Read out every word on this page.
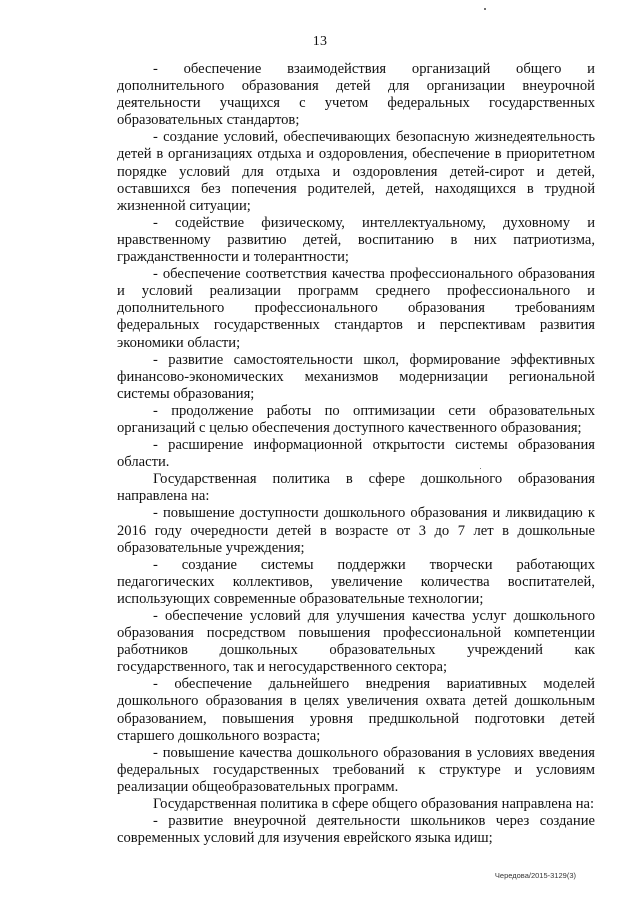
13

- обеспечение взаимодействия организаций общего и дополнительного образования детей для организации внеурочной деятельности учащихся с учетом федеральных государственных образовательных стандартов;

- создание условий, обеспечивающих безопасную жизнедеятельность детей в организациях отдыха и оздоровления, обеспечение в приоритетном порядке условий для отдыха и оздоровления детей-сирот и детей, оставшихся без попечения родителей, детей, находящихся в трудной жизненной ситуации;

- содействие физическому, интеллектуальному, духовному и нравственному развитию детей, воспитанию в них патриотизма, гражданственности и толерантности;

- обеспечение соответствия качества профессионального образования и условий реализации программ среднего профессионального и дополнительного профессионального образования требованиям федеральных государственных стандартов и перспективам развития экономики области;

- развитие самостоятельности школ, формирование эффективных финансово-экономических механизмов модернизации региональной системы образования;

- продолжение работы по оптимизации сети образовательных организаций с целью обеспечения доступного качественного образования;

- расширение информационной открытости системы образования области.

Государственная политика в сфере дошкольного образования направлена на:

- повышение доступности дошкольного образования и ликвидацию к 2016 году очередности детей в возрасте от 3 до 7 лет в дошкольные образовательные учреждения;

- создание системы поддержки творчески работающих педагогических коллективов, увеличение количества воспитателей, использующих современные образовательные технологии;

- обеспечение условий для улучшения качества услуг дошкольного образования посредством повышения профессиональной компетенции работников дошкольных образовательных учреждений как государственного, так и негосударственного сектора;

- обеспечение дальнейшего внедрения вариативных моделей дошкольного образования в целях увеличения охвата детей дошкольным образованием, повышения уровня предшкольной подготовки детей старшего дошкольного возраста;

- повышение качества дошкольного образования в условиях введения федеральных государственных требований к структуре и условиям реализации общеобразовательных программ.

Государственная политика в сфере общего образования направлена на:

- развитие внеурочной деятельности школьников через создание современных условий для изучения еврейского языка идиш;

Чередова/2015-3129(3)
